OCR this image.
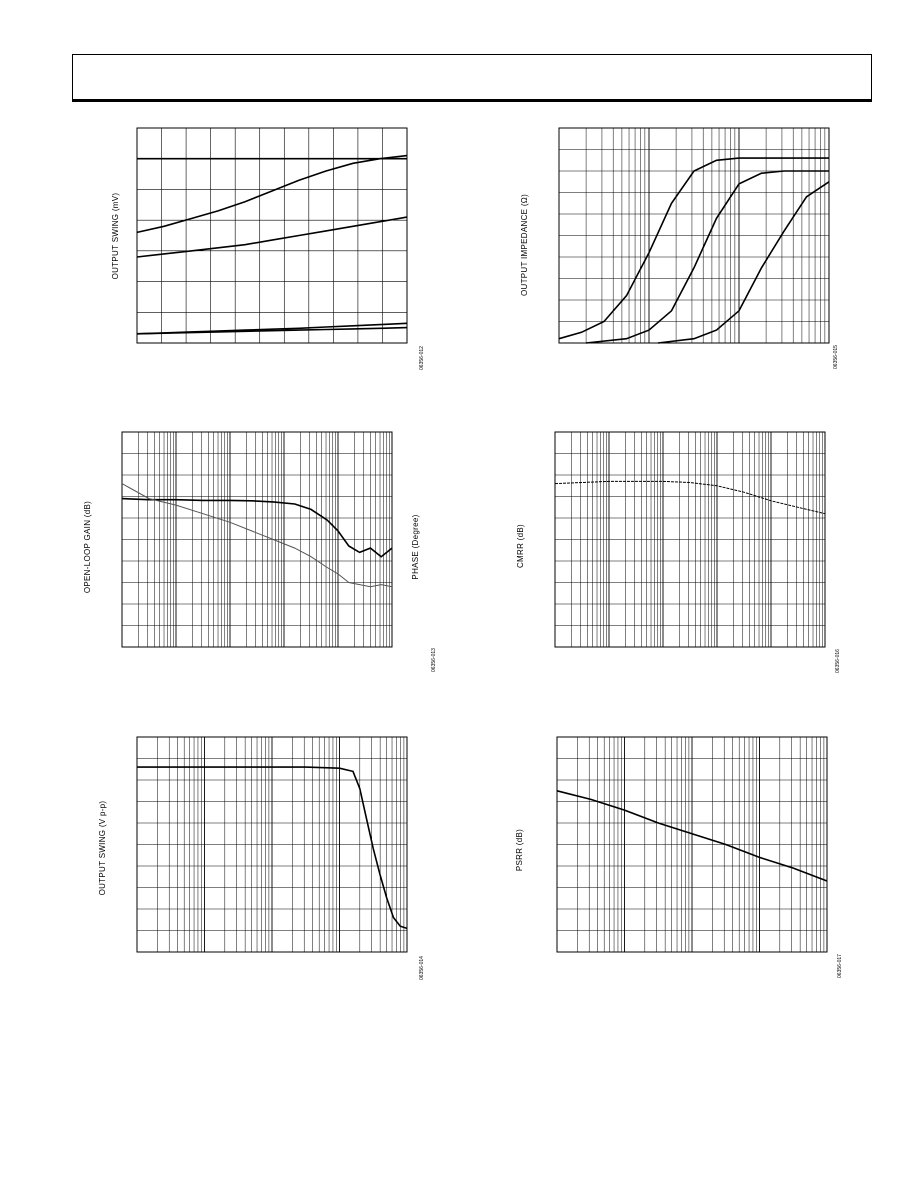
OUTPUT SWING (mV)
06356-012
OUTPUT IMPEDANCE (Ω)
06356-015
OPEN-LOOP GAIN (dB)	PHASE (Degree)
06356-013
CMRR (dB)
06356-016
OUTPUT SWING (V p-p)
06356-014
PSRR (dB)
06356-017
